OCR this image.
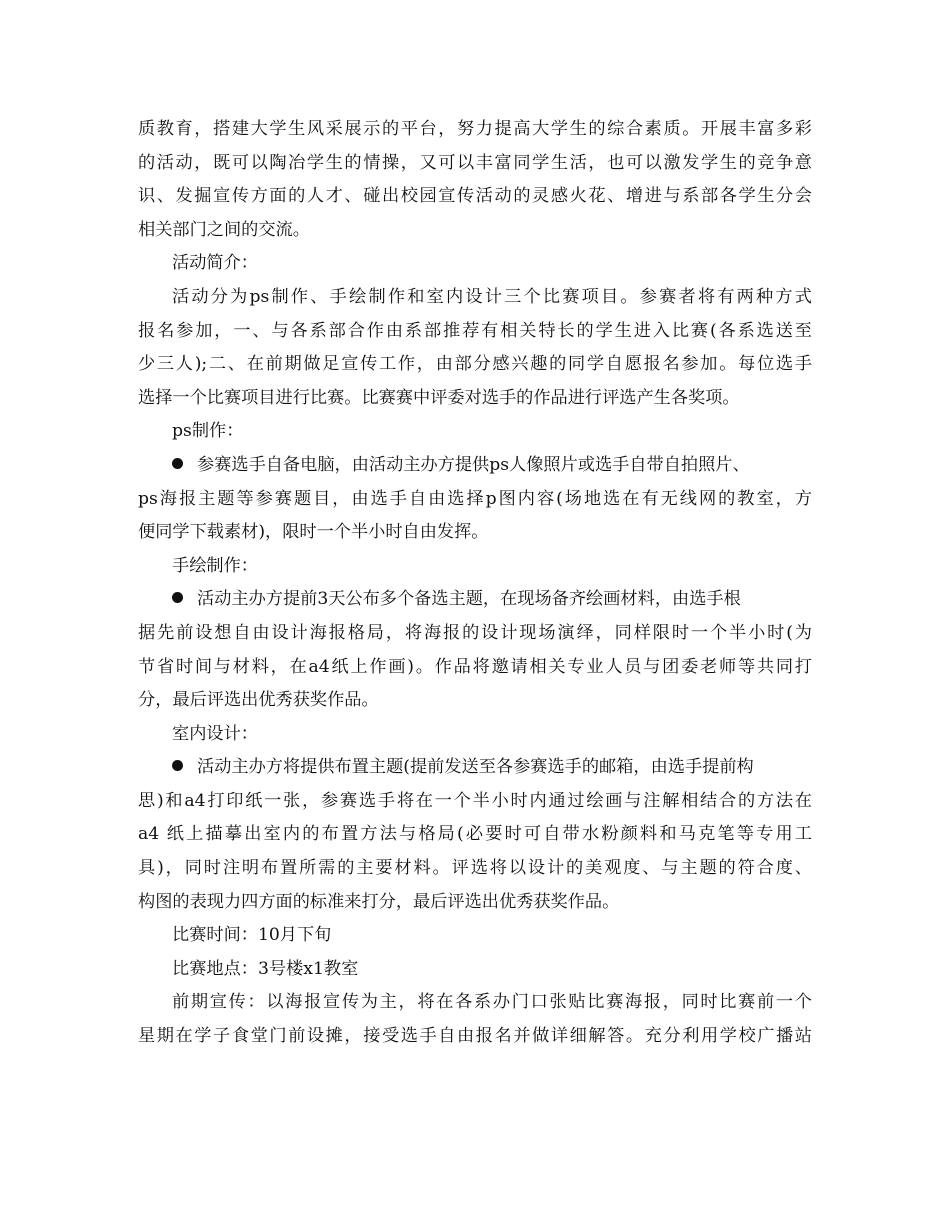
质教育，搭建大学生风采展示的平台，努力提高大学生的综合素质。开展丰富多彩
的活动，既可以陶冶学生的情操，又可以丰富同学生活，也可以激发学生的竞争意
识、发掘宣传方面的人才、碰出校园宣传活动的灵感火花、增进与系部各学生分会
相关部门之间的交流。
活动简介：
活动分为ps制作、手绘制作和室内设计三个比赛项目。参赛者将有两种方式
报名参加，一、与各系部合作由系部推荐有相关特长的学生进入比赛(各系选送至
少三人);二、在前期做足宣传工作，由部分感兴趣的同学自愿报名参加。每位选手
选择一个比赛项目进行比赛。比赛赛中评委对选手的作品进行评选产生各奖项。
ps制作：
参赛选手自备电脑，由活动主办方提供ps人像照片或选手自带自拍照片、
ps海报主题等参赛题目，由选手自由选择p图内容(场地选在有无线网的教室，方
便同学下载素材)，限时一个半小时自由发挥。
手绘制作：
活动主办方提前3天公布多个备选主题，在现场备齐绘画材料，由选手根
据先前设想自由设计海报格局，将海报的设计现场演绎，同样限时一个半小时(为
节省时间与材料，在a4纸上作画)。作品将邀请相关专业人员与团委老师等共同打
分，最后评选出优秀获奖作品。
室内设计：
活动主办方将提供布置主题(提前发送至各参赛选手的邮箱，由选手提前构
思)和a4打印纸一张，参赛选手将在一个半小时内通过绘画与注解相结合的方法在
a4 纸上描摹出室内的布置方法与格局(必要时可自带水粉颜料和马克笔等专用工
具)，同时注明布置所需的主要材料。评选将以设计的美观度、与主题的符合度、
构图的表现力四方面的标准来打分，最后评选出优秀获奖作品。
比赛时间：10月下旬
比赛地点：3号楼x1教室
前期宣传：以海报宣传为主，将在各系办门口张贴比赛海报，同时比赛前一个
星期在学子食堂门前设摊，接受选手自由报名并做详细解答。充分利用学校广播站
